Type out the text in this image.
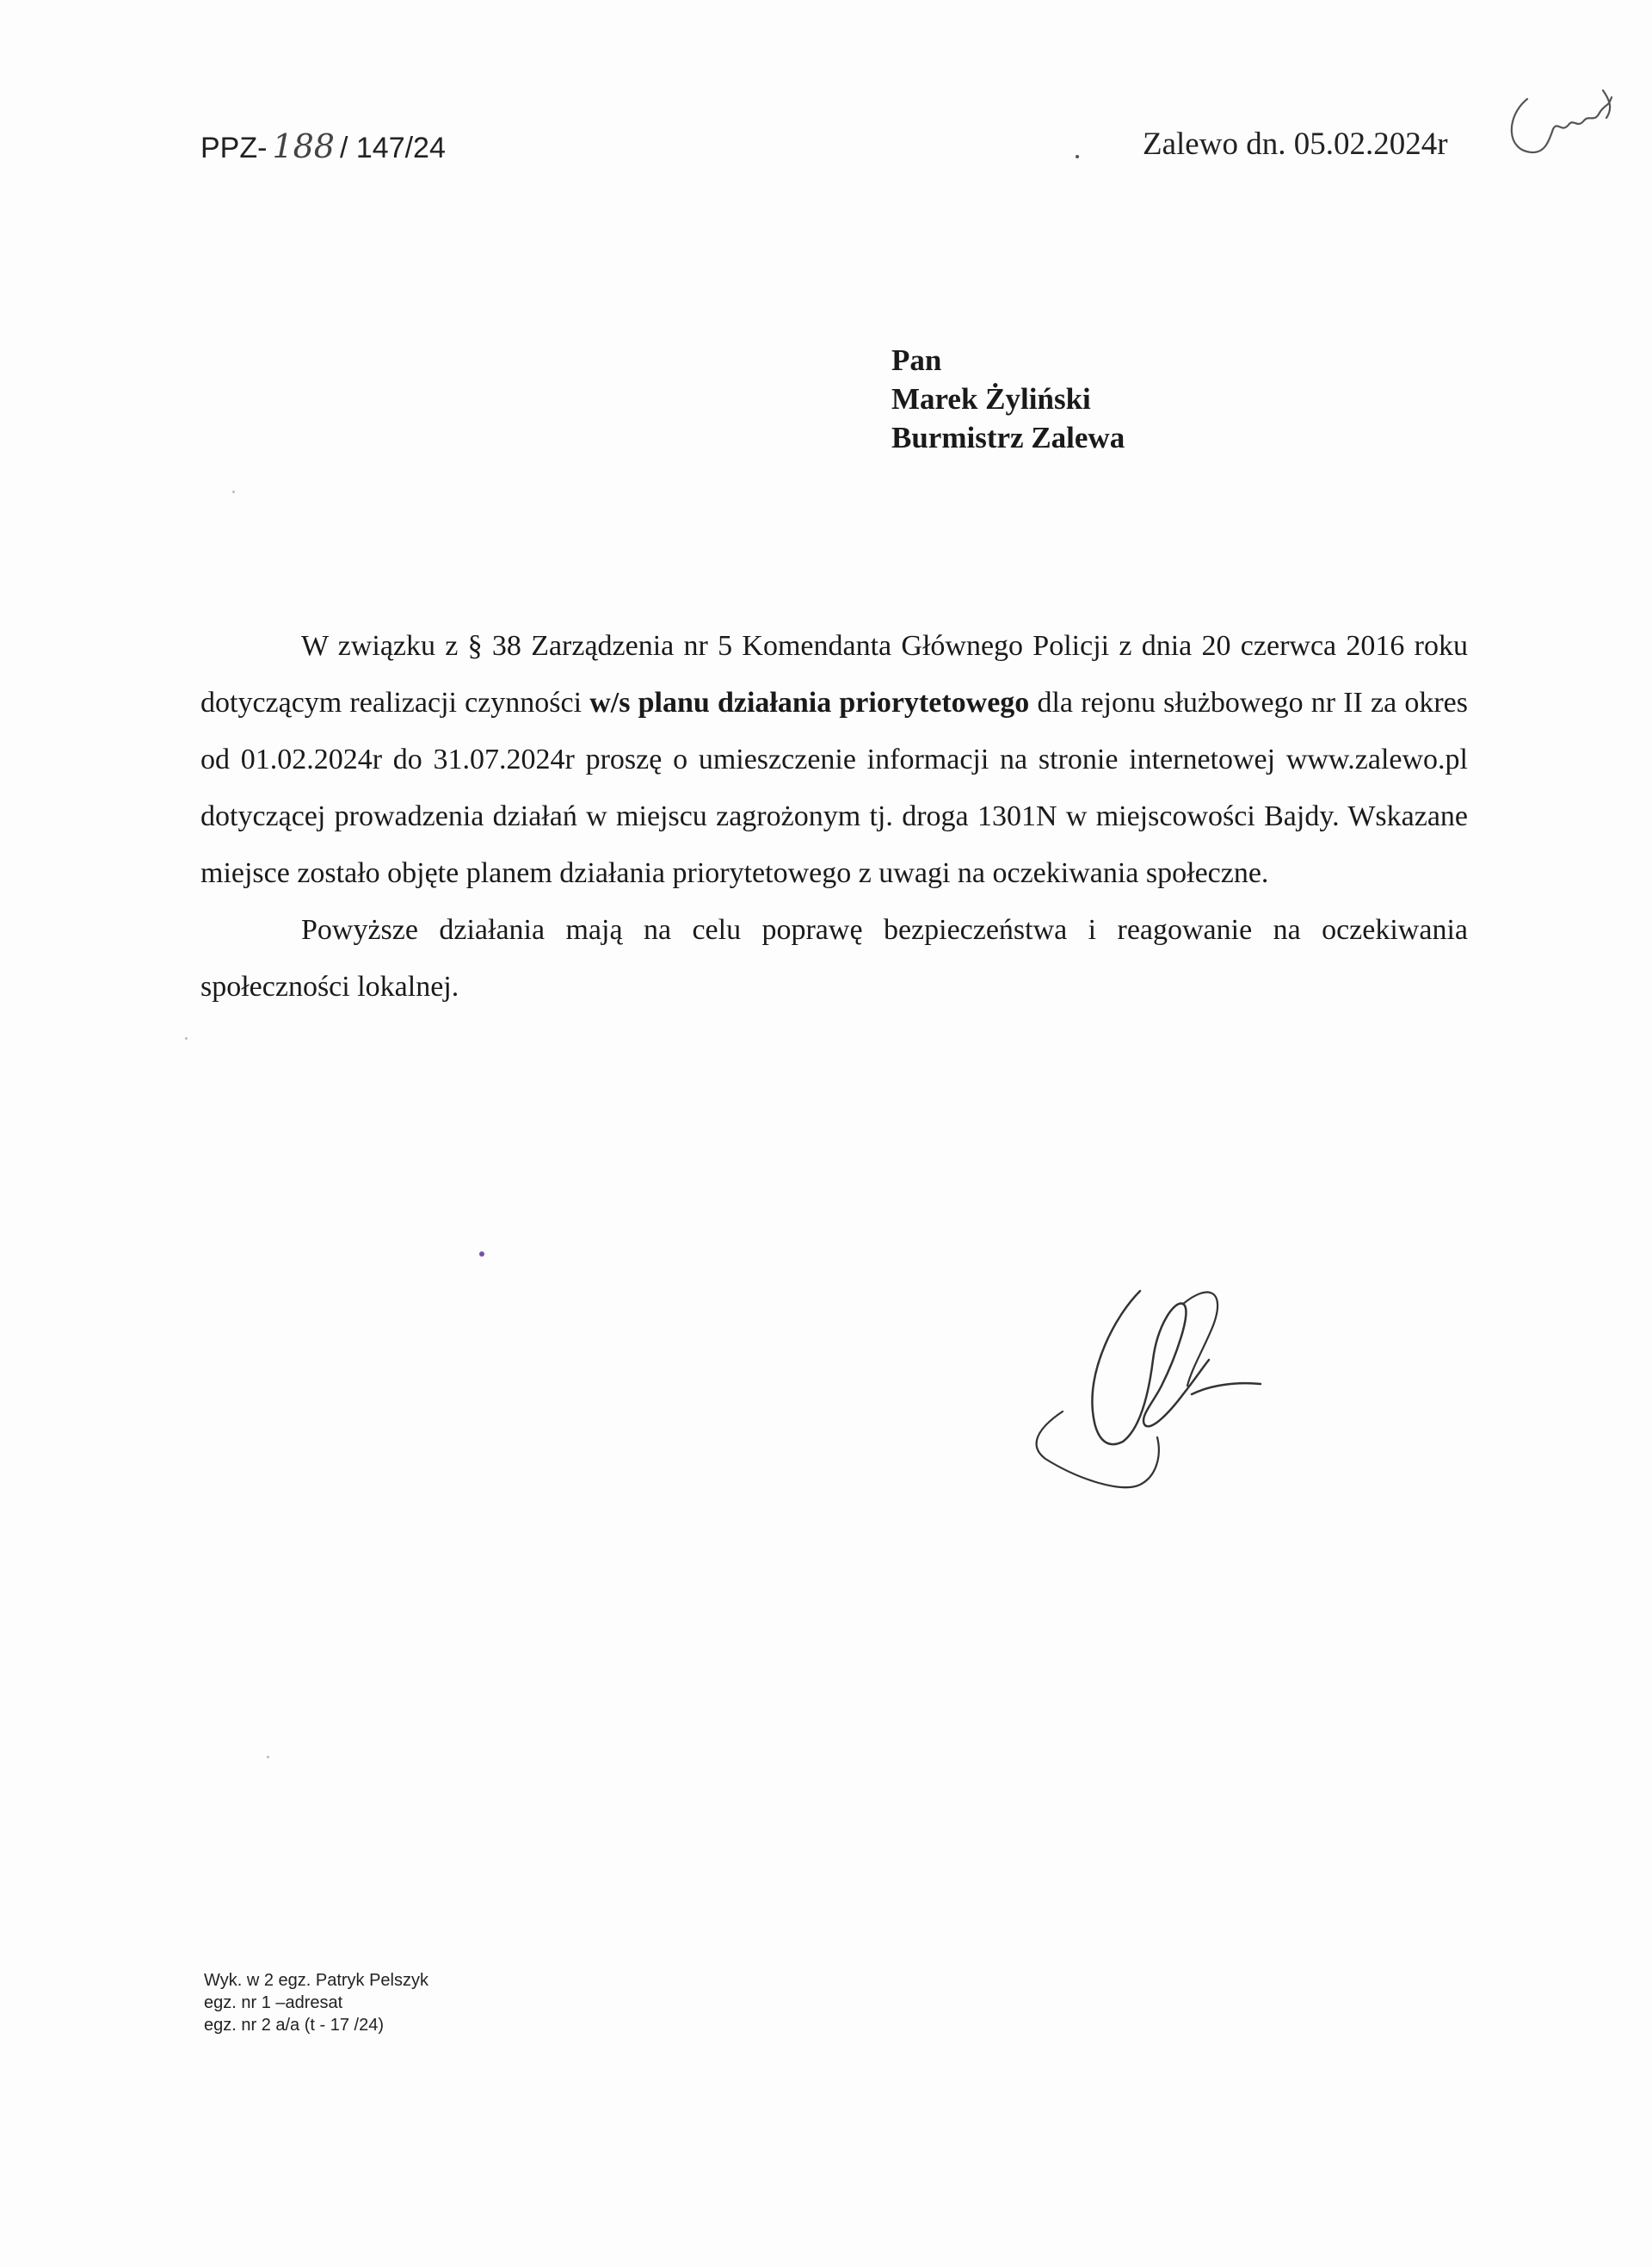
PPZ- 188 / 147/24	Zalewo dn. 05.02.2024r
Pan
Marek Żyliński
Burmistrz Zalewa

W związku z § 38 Zarządzenia nr 5 Komendanta Głównego Policji z dnia 20 czerwca 2016 roku dotyczącym realizacji czynności w/s planu działania priorytetowego dla rejonu służbowego nr II za okres od 01.02.2024r do 31.07.2024r proszę o umieszczenie informacji na stronie internetowej www.zalewo.pl dotyczącej prowadzenia działań w miejscu zagrożonym tj. droga 1301N w miejscowości Bajdy. Wskazane miejsce zostało objęte planem działania priorytetowego z uwagi na oczekiwania społeczne.

Powyższe działania mają na celu poprawę bezpieczeństwa i reagowanie na oczekiwania społeczności lokalnej.

Wyk. w 2 egz. Patryk Pelszyk
egz. nr 1 –adresat
egz. nr 2 a/a (t - 17 /24)
